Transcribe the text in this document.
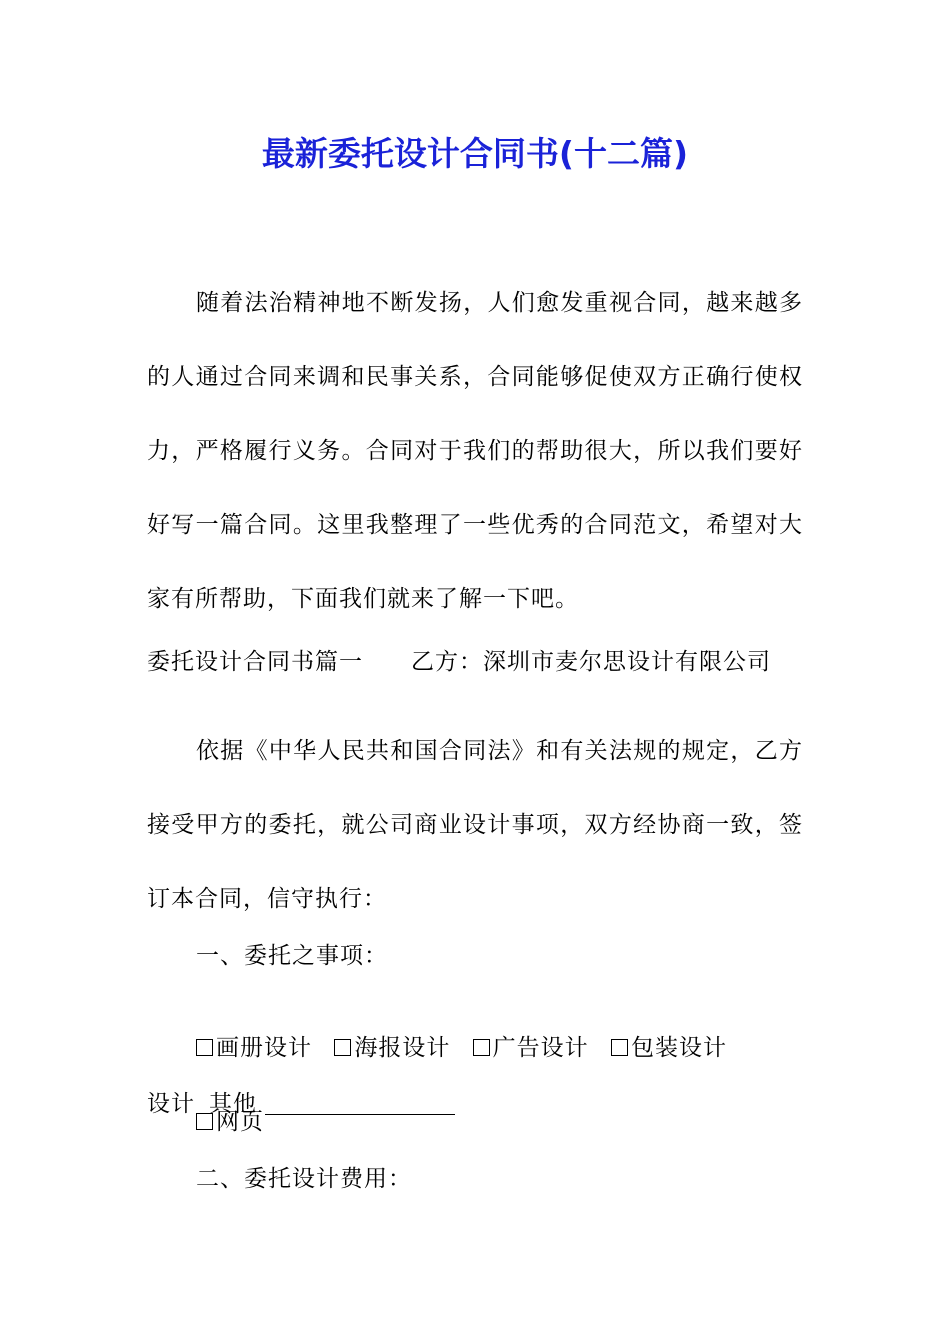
最新委托设计合同书(十二篇)
随着法治精神地不断发扬，人们愈发重视合同，越来越多的人通过合同来调和民事关系，合同能够促使双方正确行使权力，严格履行义务。合同对于我们的帮助很大，所以我们要好好写一篇合同。这里我整理了一些优秀的合同范文，希望对大家有所帮助，下面我们就来了解一下吧。
委托设计合同书篇一 乙方：深圳市麦尔思设计有限公司
依据《中华人民共和国合同法》和有关法规的规定，乙方接受甲方的委托，就公司商业设计事项，双方经协商一致，签订本合同，信守执行：
一、委托之事项：
画册设计 海报设计 广告设计 包装设计 网页
设计 其他
二、委托设计费用：
